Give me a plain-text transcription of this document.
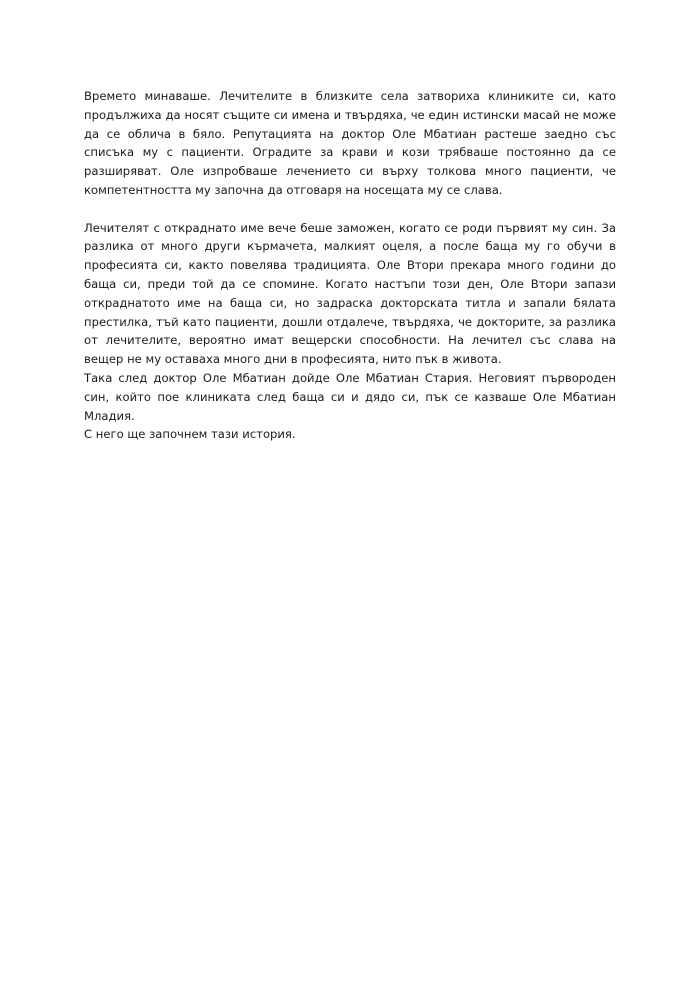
Времето минаваше. Лечителите в близките села затвориха клиниките си, като продължиха да носят същите си имена и твърдяха, че един истински масай не може да се облича в бяло. Репутацията на доктор Оле Мбатиан растеше заедно със списъка му с пациенти. Оградите за крави и кози трябваше постоянно да се разширяват. Оле изпробваше лечението си върху толкова много пациенти, че компетентността му започна да отговаря на носещата му се слава.

Лечителят с откраднато име вече беше заможен, когато се роди първият му син. За разлика от много други кърмачета, малкият оцеля, а после баща му го обучи в професията си, както повелява традицията. Оле Втори прекара много години до баща си, преди той да се спомине. Когато настъпи този ден, Оле Втори запази откраднатото име на баща си, но задраска докторската титла и запали бялата престилка, тъй като пациенти, дошли отдалече, твърдяха, че докторите, за разлика от лечителите, вероятно имат вещерски способности. На лечител със слава на вещер не му оставаха много дни в професията, нито пък в живота.

Така след доктор Оле Мбатиан дойде Оле Мбатиан Стария. Неговият първороден син, който пое клиниката след баща си и дядо си, пък се казваше Оле Мбатиан Младия.

С него ще започнем тази история.
